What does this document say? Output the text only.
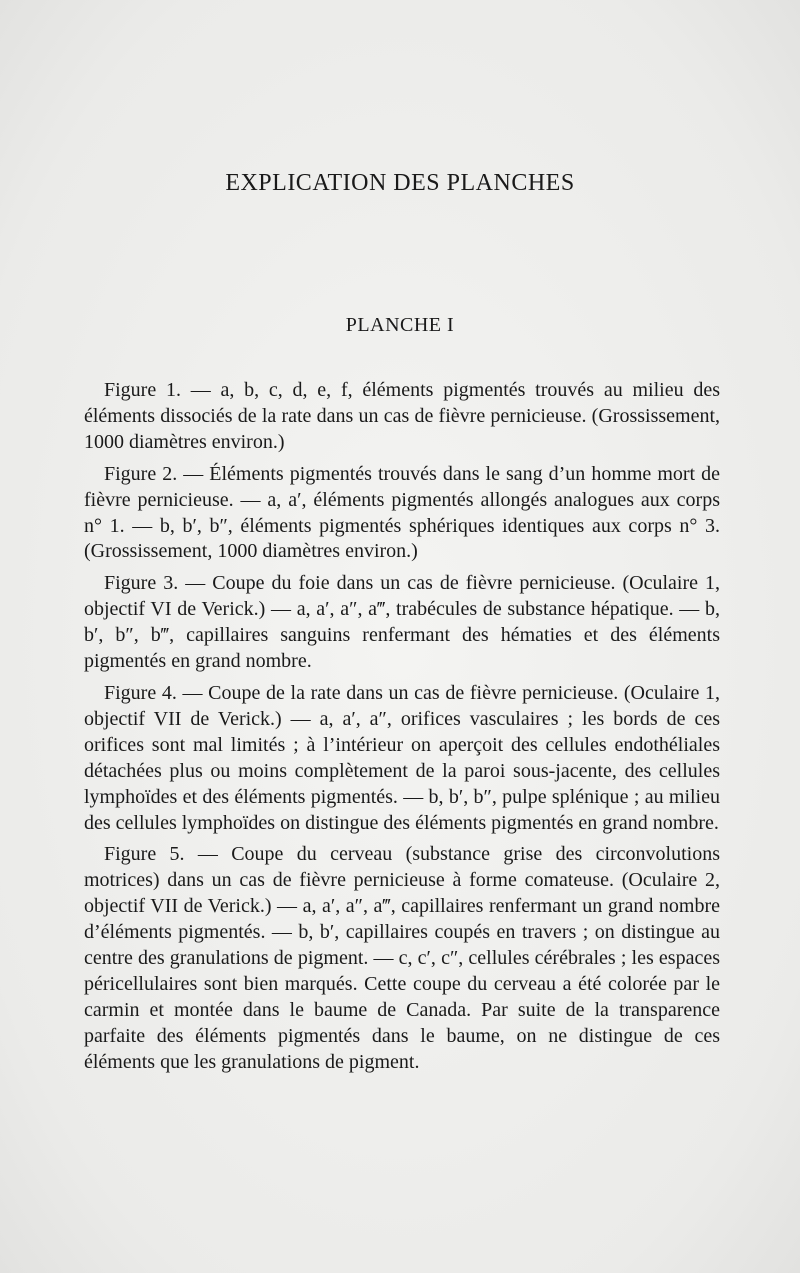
EXPLICATION DES PLANCHES
PLANCHE I

Figure 1. — a, b, c, d, e, f, éléments pigmentés trouvés au milieu des éléments dissociés de la rate dans un cas de fièvre pernicieuse. (Grossissement, 1000 diamètres environ.)

Figure 2. — Éléments pigmentés trouvés dans le sang d’un homme mort de fièvre pernicieuse. — a, a′, éléments pigmentés allongés analogues aux corps n° 1. — b, b′, b″, éléments pigmentés sphériques identiques aux corps n° 3. (Grossissement, 1000 diamètres environ.)

Figure 3. — Coupe du foie dans un cas de fièvre pernicieuse. (Oculaire 1, objectif VI de Verick.) — a, a′, a″, a‴, trabécules de substance hépatique. — b, b′, b″, b‴, capillaires sanguins renfermant des hématies et des éléments pigmentés en grand nombre.

Figure 4. — Coupe de la rate dans un cas de fièvre pernicieuse. (Oculaire 1, objectif VII de Verick.) — a, a′, a″, orifices vasculaires ; les bords de ces orifices sont mal limités ; à l’intérieur on aperçoit des cellules endothéliales détachées plus ou moins complètement de la paroi sous-jacente, des cellules lymphoïdes et des éléments pigmentés. — b, b′, b″, pulpe splénique ; au milieu des cellules lymphoïdes on distingue des éléments pigmentés en grand nombre.

Figure 5. — Coupe du cerveau (substance grise des circonvolutions motrices) dans un cas de fièvre pernicieuse à forme comateuse. (Oculaire 2, objectif VII de Verick.) — a, a′, a″, a‴, capillaires renfermant un grand nombre d’éléments pigmentés. — b, b′, capillaires coupés en travers ; on distingue au centre des granulations de pigment. — c, c′, c″, cellules cérébrales ; les espaces péricellulaires sont bien marqués. Cette coupe du cerveau a été colorée par le carmin et montée dans le baume de Canada. Par suite de la transparence parfaite des éléments pigmentés dans le baume, on ne distingue de ces éléments que les granulations de pigment.
